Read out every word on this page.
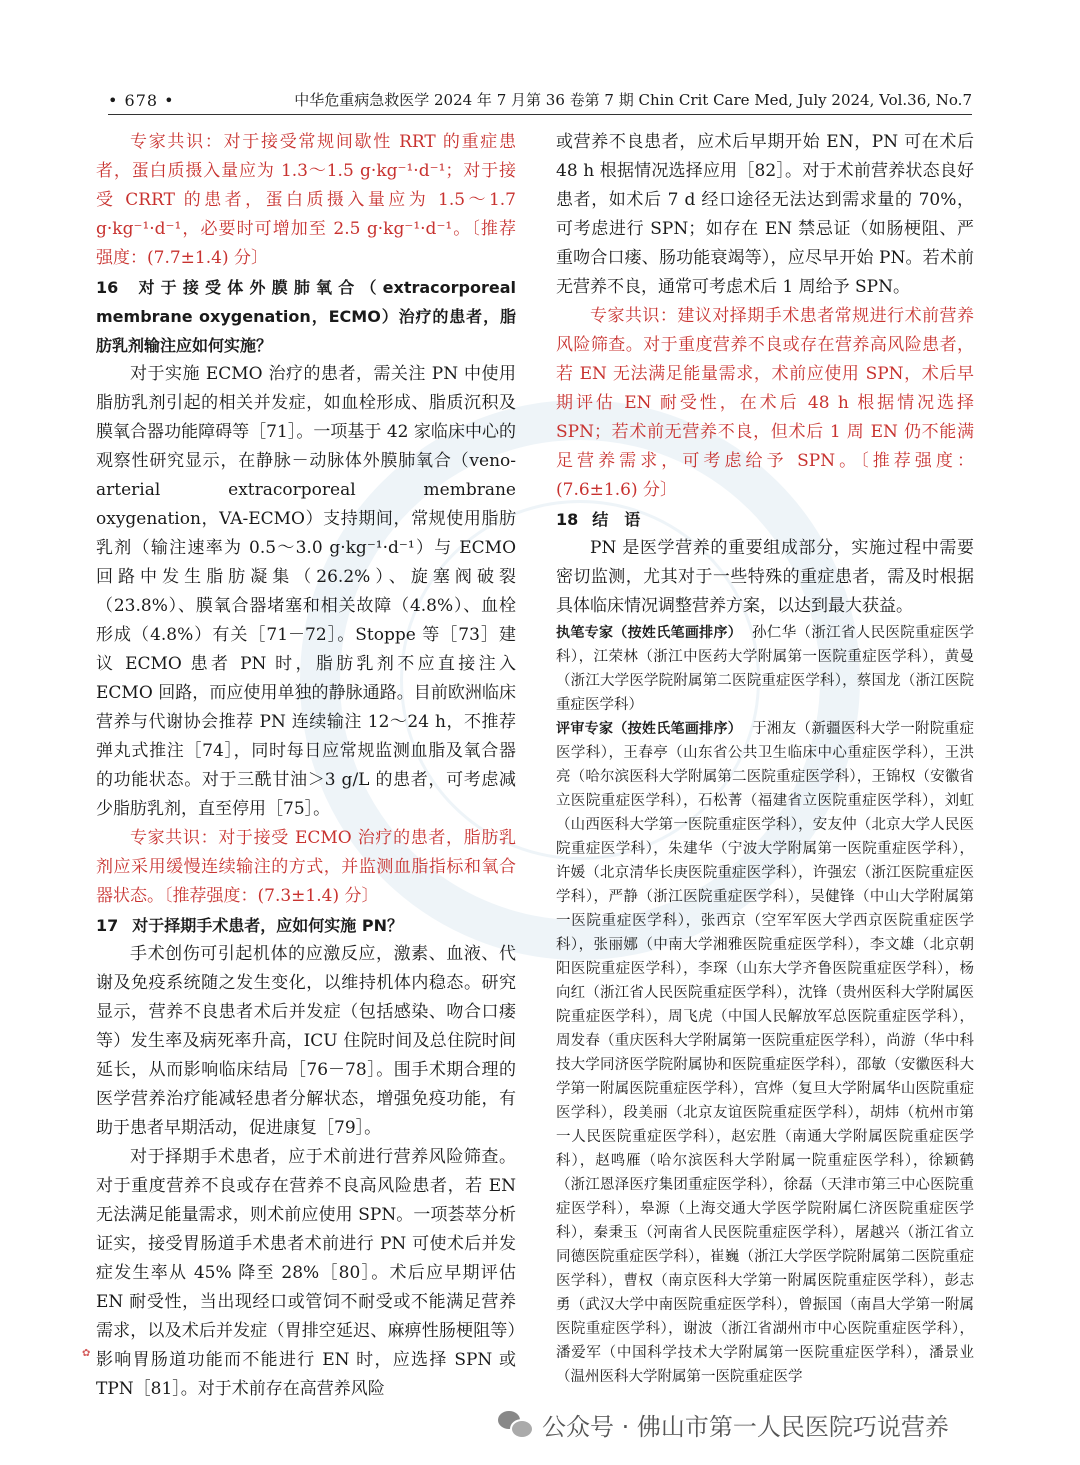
• 678 •	中华危重病急救医学 2024 年 7 月第 36 卷第 7 期 Chin Crit Care Med, July 2024, Vol.36, No.7

专家共识：对于接受常规间歇性 RRT 的重症患者，蛋白质摄入量应为 1.3～1.5 g·kg⁻¹·d⁻¹；对于接受 CRRT 的患者，蛋白质摄入量应为 1.5～1.7 g·kg⁻¹·d⁻¹，必要时可增加至 2.5 g·kg⁻¹·d⁻¹。〔推荐强度：(7.7±1.4) 分〕

16 对于接受体外膜肺氧合（extracorporeal membrane oxygenation，ECMO）治疗的患者，脂肪乳剂输注应如何实施？

对于实施 ECMO 治疗的患者，需关注 PN 中使用脂肪乳剂引起的相关并发症，如血栓形成、脂质沉积及膜氧合器功能障碍等［71］。一项基于 42 家临床中心的观察性研究显示，在静脉－动脉体外膜肺氧合（veno-arterial extracorporeal membrane oxygenation，VA-ECMO）支持期间，常规使用脂肪乳剂（输注速率为 0.5～3.0 g·kg⁻¹·d⁻¹）与 ECMO 回路中发生脂肪凝集（26.2%）、旋塞阀破裂（23.8%）、膜氧合器堵塞和相关故障（4.8%）、血栓形成（4.8%）有关［71－72］。Stoppe 等［73］建议 ECMO 患者 PN 时，脂肪乳剂不应直接注入 ECMO 回路，而应使用单独的静脉通路。目前欧洲临床营养与代谢协会推荐 PN 连续输注 12～24 h，不推荐弹丸式推注［74］，同时每日应常规监测血脂及氧合器的功能状态。对于三酰甘油＞3 g/L 的患者，可考虑减少脂肪乳剂，直至停用［75］。

专家共识：对于接受 ECMO 治疗的患者，脂肪乳剂应采用缓慢连续输注的方式，并监测血脂指标和氧合器状态。〔推荐强度：(7.3±1.4) 分〕

17 对于择期手术患者，应如何实施 PN？

手术创伤可引起机体的应激反应，激素、血液、代谢及免疫系统随之发生变化，以维持机体内稳态。研究显示，营养不良患者术后并发症（包括感染、吻合口瘘等）发生率及病死率升高，ICU 住院时间及总住院时间延长，从而影响临床结局［76－78］。围手术期合理的医学营养治疗能减轻患者分解状态，增强免疫功能，有助于患者早期活动，促进康复［79］。

对于择期手术患者，应于术前进行营养风险筛查。对于重度营养不良或存在营养不良高风险患者，若 EN 无法满足能量需求，则术前应使用 SPN。一项荟萃分析证实，接受胃肠道手术患者术前进行 PN 可使术后并发症发生率从 45% 降至 28%［80］。术后应早期评估 EN 耐受性，当出现经口或管饲不耐受或不能满足营养需求，以及术后并发症（胃排空延迟、麻痹性肠梗阻等）影响胃肠道功能而不能进行 EN 时，应选择 SPN 或 TPN［81］。对于术前存在高营养风险

或营养不良患者，应术后早期开始 EN，PN 可在术后 48 h 根据情况选择应用［82］。对于术前营养状态良好患者，如术后 7 d 经口途径无法达到需求量的 70%，可考虑进行 SPN；如存在 EN 禁忌证（如肠梗阻、严重吻合口瘘、肠功能衰竭等），应尽早开始 PN。若术前无营养不良，通常可考虑术后 1 周给予 SPN。

专家共识：建议对择期手术患者常规进行术前营养风险筛查。对于重度营养不良或存在营养高风险患者，若 EN 无法满足能量需求，术前应使用 SPN，术后早期评估 EN 耐受性，在术后 48 h 根据情况选择 SPN；若术前无营养不良，但术后 1 周 EN 仍不能满足营养需求，可考虑给予 SPN。〔推荐强度：(7.6±1.6) 分〕

18 结　语

PN 是医学营养的重要组成部分，实施过程中需要密切监测，尤其对于一些特殊的重症患者，需及时根据具体临床情况调整营养方案，以达到最大获益。

执笔专家（按姓氏笔画排序） 孙仁华（浙江省人民医院重症医学科），江荣林（浙江中医药大学附属第一医院重症医学科），黄曼（浙江大学医学院附属第二医院重症医学科），蔡国龙（浙江医院重症医学科）

评审专家（按姓氏笔画排序） 于湘友（新疆医科大学一附院重症医学科），王春亭（山东省公共卫生临床中心重症医学科），王洪亮（哈尔滨医科大学附属第二医院重症医学科），王锦权（安徽省立医院重症医学科），石松菁（福建省立医院重症医学科），刘虹（山西医科大学第一医院重症医学科），安友仲（北京大学人民医院重症医学科），朱建华（宁波大学附属第一医院重症医学科），许媛（北京清华长庚医院重症医学科），许强宏（浙江医院重症医学科），严静（浙江医院重症医学科），吴健锋（中山大学附属第一医院重症医学科），张西京（空军军医大学西京医院重症医学科），张丽娜（中南大学湘雅医院重症医学科），李文雄（北京朝阳医院重症医学科），李琛（山东大学齐鲁医院重症医学科），杨向红（浙江省人民医院重症医学科），沈锋（贵州医科大学附属医院重症医学科），周飞虎（中国人民解放军总医院重症医学科），周发春（重庆医科大学附属第一医院重症医学科），尚游（华中科技大学同济医学院附属协和医院重症医学科），邵敏（安徽医科大学第一附属医院重症医学科），宫烨（复旦大学附属华山医院重症医学科），段美丽（北京友谊医院重症医学科），胡炜（杭州市第一人民医院重症医学科），赵宏胜（南通大学附属医院重症医学科），赵鸣雁（哈尔滨医科大学附属一院重症医学科），徐颖鹤（浙江恩泽医疗集团重症医学科），徐磊（天津市第三中心医院重症医学科），皋源（上海交通大学医学院附属仁济医院重症医学科），秦秉玉（河南省人民医院重症医学科），屠越兴（浙江省立同德医院重症医学科），崔巍（浙江大学医学院附属第二医院重症医学科），曹权（南京医科大学第一附属医院重症医学科），彭志勇（武汉大学中南医院重症医学科），曾振国（南昌大学第一附属医院重症医学科），谢波（浙江省湖州市中心医院重症医学科），潘爱军（中国科学技术大学附属第一医院重症医学科），潘景业（温州医科大学附属第一医院重症医学

✿
公众号 · 佛山市第一人民医院巧说营养
